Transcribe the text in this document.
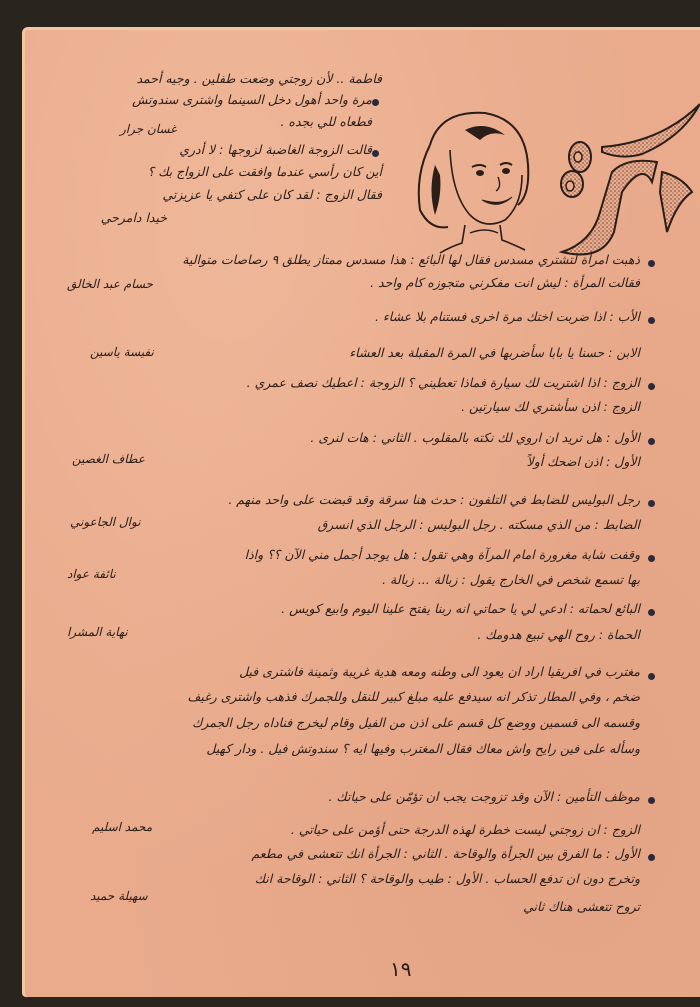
فاطمة .. لأن زوجتي وضعت طفلين . وجيه أحمد
مرة واحد أهول دخل السينما واشترى سندوتش
فطعاه للي بجده .
غسان جرار
قالت الزوجة الغاضبة لزوجها : لا أدري
أين كان رأسي عندما وافقت على الزواج بك ؟
فقال الزوج : لقد كان على كتفي يا عزيزتي
خيدا دامرحي
ذهبت امرأة لتشتري مسدس فقال لها البائع : هذا مسدس ممتاز يطلق ٩ رصاصات متوالية
فقالت المرأة : ليش انت مفكرني متجوزه كام واحد .
حسام عبد الخالق
الأب : اذا ضربت اختك مرة اخرى فستنام بلا عشاء .
الابن : حسنا يا بابا سأضربها في المرة المقبلة بعد العشاء
نفيسة ياسين
الزوج : اذا اشتريت لك سيارة فماذا تعطيني ؟ الزوجة : اعطيك نصف عمري .
الزوج : اذن سأشتري لك سيارتين .
الأول : هل تريد ان اروي لك نكته بالمقلوب . الثاني : هات لنرى .
الأول : اذن اضحك أولاً
عطاف الغصين
رجل البوليس للضابط في التلفون : حدث هنا سرقة وقد قبضت على واحد منهم .
الضابط : من الذي مسكته . رجل البوليس : الرجل الذي انسرق
نوال الجاعوني
وقفت شابة مغرورة امام المرآة وهي تقول : هل يوجد أجمل مني الآن ؟؟ واذا
بها تسمع شخص في الخارج يقول : زبالة ... زبالة .
نائفة عواد
البائع لحماته : ادعي لي يا حماتي انه ربنا يفتح علينا اليوم وابيع كويس .
الحماة : روح الهي تبيع هدومك .
نهاية المشرا
مغترب في افريقيا اراد ان يعود الى وطنه ومعه هدية غريبة وثمينة فاشترى فيل
ضخم ، وفي المطار تذكر انه سيدفع عليه مبلغ كبير للنقل وللجمرك فذهب واشترى رغيف
وقسمه الى قسمين ووضع كل قسم على اذن من الفيل وقام ليخرج فناداه رجل الجمرك
وسأله على فين رايح واش معاك فقال المغترب وفيها ايه ؟ سندوتش فيل . ودار كهيل
موظف التأمين : الآن وقد تزوجت يجب ان تؤمّن على حياتك .
الزوج : ان زوجتي ليست خطرة لهذه الدرجة حتى أؤمن على حياتي .
محمد اسليم
الأول : ما الفرق بين الجرأة والوقاحة . الثاني : الجرأة انك تتعشى في مطعم
وتخرج دون ان تدفع الحساب . الأول : طيب والوقاحة ؟ الثاني : الوقاحة انك
تروح تتعشى هناك ثاني
سهيلة حميد
١٩
